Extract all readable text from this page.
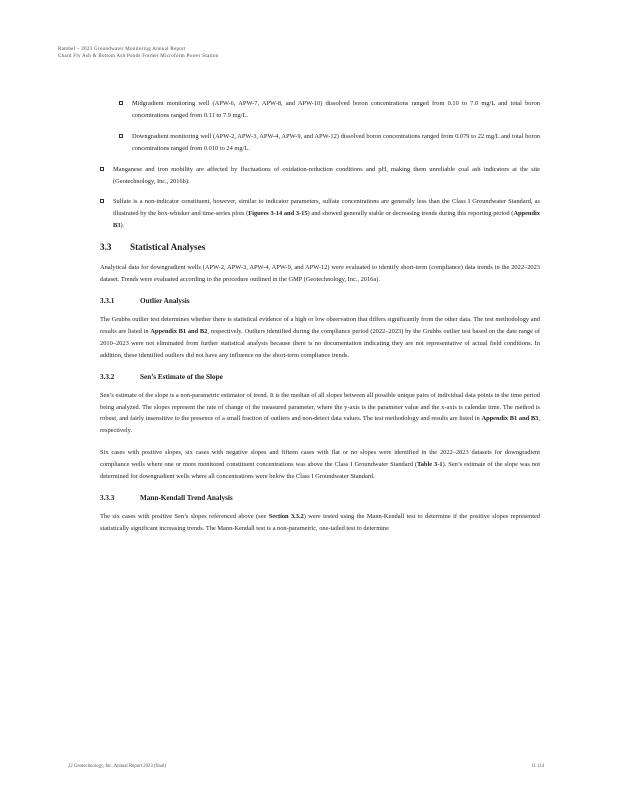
Rambel – 2023 Groundwater Monitoring Annual Report
Chard Fly Ash & Bottom Ash Ponds Former Microform Power Station
Midgradient monitoring well (APW-6, APW-7, APW-8, and APW-10) dissolved boron concentrations ranged from 0.10 to 7.0 mg/L and total boron concentrations ranged from 0.11 to 7.9 mg/L.
Downgradient monitoring well (APW-2, APW-3, APW-4, APW-9, and APW-12) dissolved boron concentrations ranged from 0.079 to 22 mg/L and total boron concentrations ranged from 0.010 to 24 mg/L.
Manganese and iron mobility are affected by fluctuations of oxidation-reduction conditions and pH, making them unreliable coal ash indicators at the site (Geotechnology, Inc., 2016b).
Sulfate is a non-indicator constituent, however, similar to indicator parameters, sulfate concentrations are generally less than the Class I Groundwater Standard, as illustrated by the box-whisker and time-series plots (Figures 3-14 and 3-15) and showed generally stable or decreasing trends during this reporting period (Appendix B3).
3.3 Statistical Analyses

Analytical data for downgradient wells (APW-2, APW-3, APW-4, APW-9, and APW-12) were evaluated to identify short-term (compliance) data trends in the 2022–2023 dataset. Trends were evaluated according to the procedure outlined in the GMP (Geotechnology, Inc., 2016a).

3.3.1	Outlier Analysis

The Grubbs outlier test determines whether there is statistical evidence of a high or low observation that differs significantly from the other data. The test methodology and results are listed in Appendix B1 and B2, respectively. Outliers identified during the compliance period (2022–2023) by the Grubbs outlier test based on the date range of 2010–2023 were not eliminated from further statistical analysis because there is no documentation indicating they are not representative of actual field conditions. In addition, these identified outliers did not have any influence on the short-term compliance trends.

3.3.2	Sen’s Estimate of the Slope

Sen’s estimate of the slope is a non-parametric estimator of trend. It is the median of all slopes between all possible unique pairs of individual data points in the time period being analyzed. The slopes represent the rate of change of the measured parameter, where the y-axis is the parameter value and the x-axis is calendar time. The method is robust, and fairly insensitive to the presence of a small fraction of outliers and non-detect data values. The test methodology and results are listed in Appendix B1 and B3, respectively.

Six cases with positive slopes, six cases with negative slopes and fifteen cases with flat or no slopes were identified in the 2022–2023 datasets for downgradient compliance wells where one or more monitored constituent concentrations was above the Class I Groundwater Standard (Table 3-1). Sen’s estimate of the slope was not determined for downgradient wells where all concentrations were below the Class I Groundwater Standard.

3.3.3	Mann-Kendall Trend Analysis

The six cases with positive Sen’s slopes referenced above (see Section 3.3.2) were tested using the Mann-Kendall test to determine if the positive slopes represented statistically significant increasing trends. The Mann-Kendall test is a non-parametric, one-tailed test to determine

22 Geotechnology, Inc. Annual Report 2023 (final)	11 114
